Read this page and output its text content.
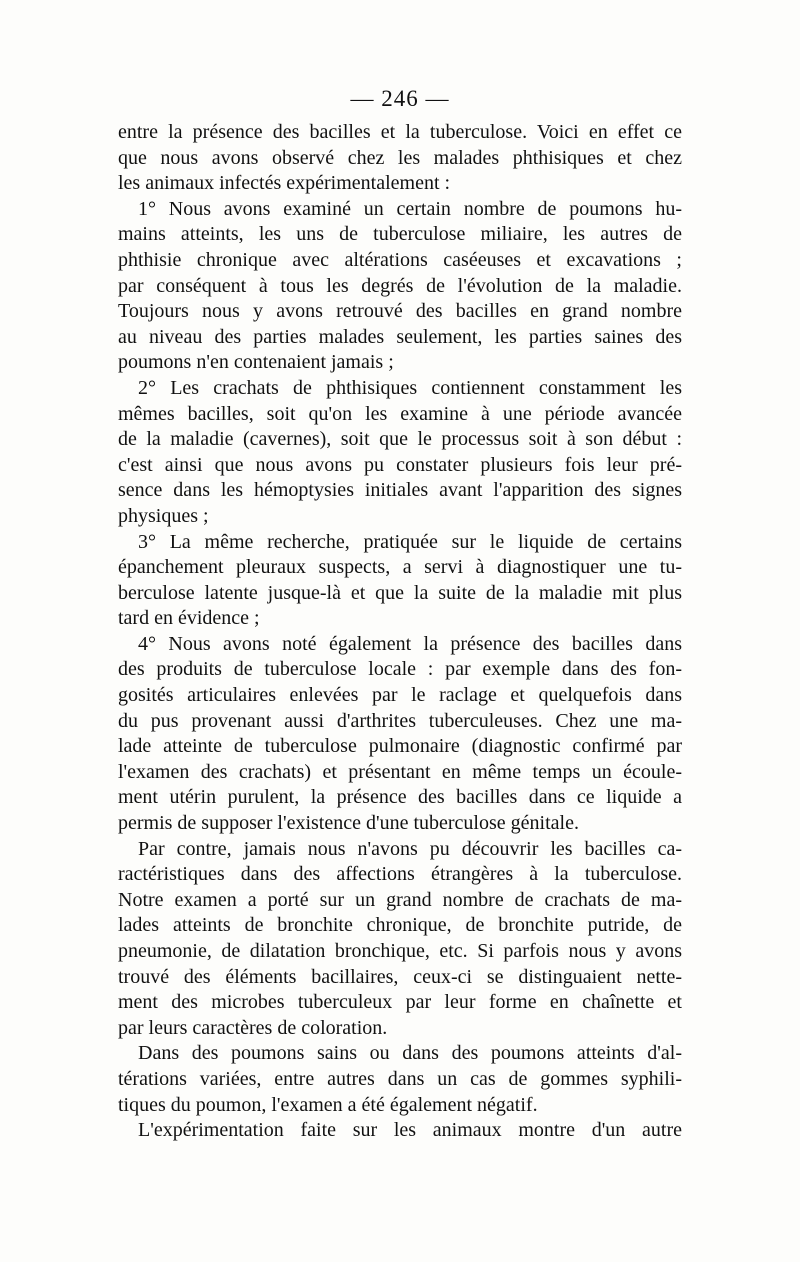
— 246 —
entre la présence des bacilles et la tuberculose. Voici en effet ce
que nous avons observé chez les malades phthisiques et chez
les animaux infectés expérimentalement :
1° Nous avons examiné un certain nombre de poumons hu-
mains atteints, les uns de tuberculose miliaire, les autres de
phthisie chronique avec altérations caséeuses et excavations ;
par conséquent à tous les degrés de l'évolution de la maladie.
Toujours nous y avons retrouvé des bacilles en grand nombre
au niveau des parties malades seulement, les parties saines des
poumons n'en contenaient jamais ;
2° Les crachats de phthisiques contiennent constamment les
mêmes bacilles, soit qu'on les examine à une période avancée
de la maladie (cavernes), soit que le processus soit à son début :
c'est ainsi que nous avons pu constater plusieurs fois leur pré-
sence dans les hémoptysies initiales avant l'apparition des signes
physiques ;
3° La même recherche, pratiquée sur le liquide de certains
épanchement pleuraux suspects, a servi à diagnostiquer une tu-
berculose latente jusque-là et que la suite de la maladie mit plus
tard en évidence ;
4° Nous avons noté également la présence des bacilles dans
des produits de tuberculose locale : par exemple dans des fon-
gosités articulaires enlevées par le raclage et quelquefois dans
du pus provenant aussi d'arthrites tuberculeuses. Chez une ma-
lade atteinte de tuberculose pulmonaire (diagnostic confirmé par
l'examen des crachats) et présentant en même temps un écoule-
ment utérin purulent, la présence des bacilles dans ce liquide a
permis de supposer l'existence d'une tuberculose génitale.
Par contre, jamais nous n'avons pu découvrir les bacilles ca-
ractéristiques dans des affections étrangères à la tuberculose.
Notre examen a porté sur un grand nombre de crachats de ma-
lades atteints de bronchite chronique, de bronchite putride, de
pneumonie, de dilatation bronchique, etc. Si parfois nous y avons
trouvé des éléments bacillaires, ceux-ci se distinguaient nette-
ment des microbes tuberculeux par leur forme en chaînette et
par leurs caractères de coloration.
Dans des poumons sains ou dans des poumons atteints d'al-
térations variées, entre autres dans un cas de gommes syphili-
tiques du poumon, l'examen a été également négatif.
L'expérimentation faite sur les animaux montre d'un autre
